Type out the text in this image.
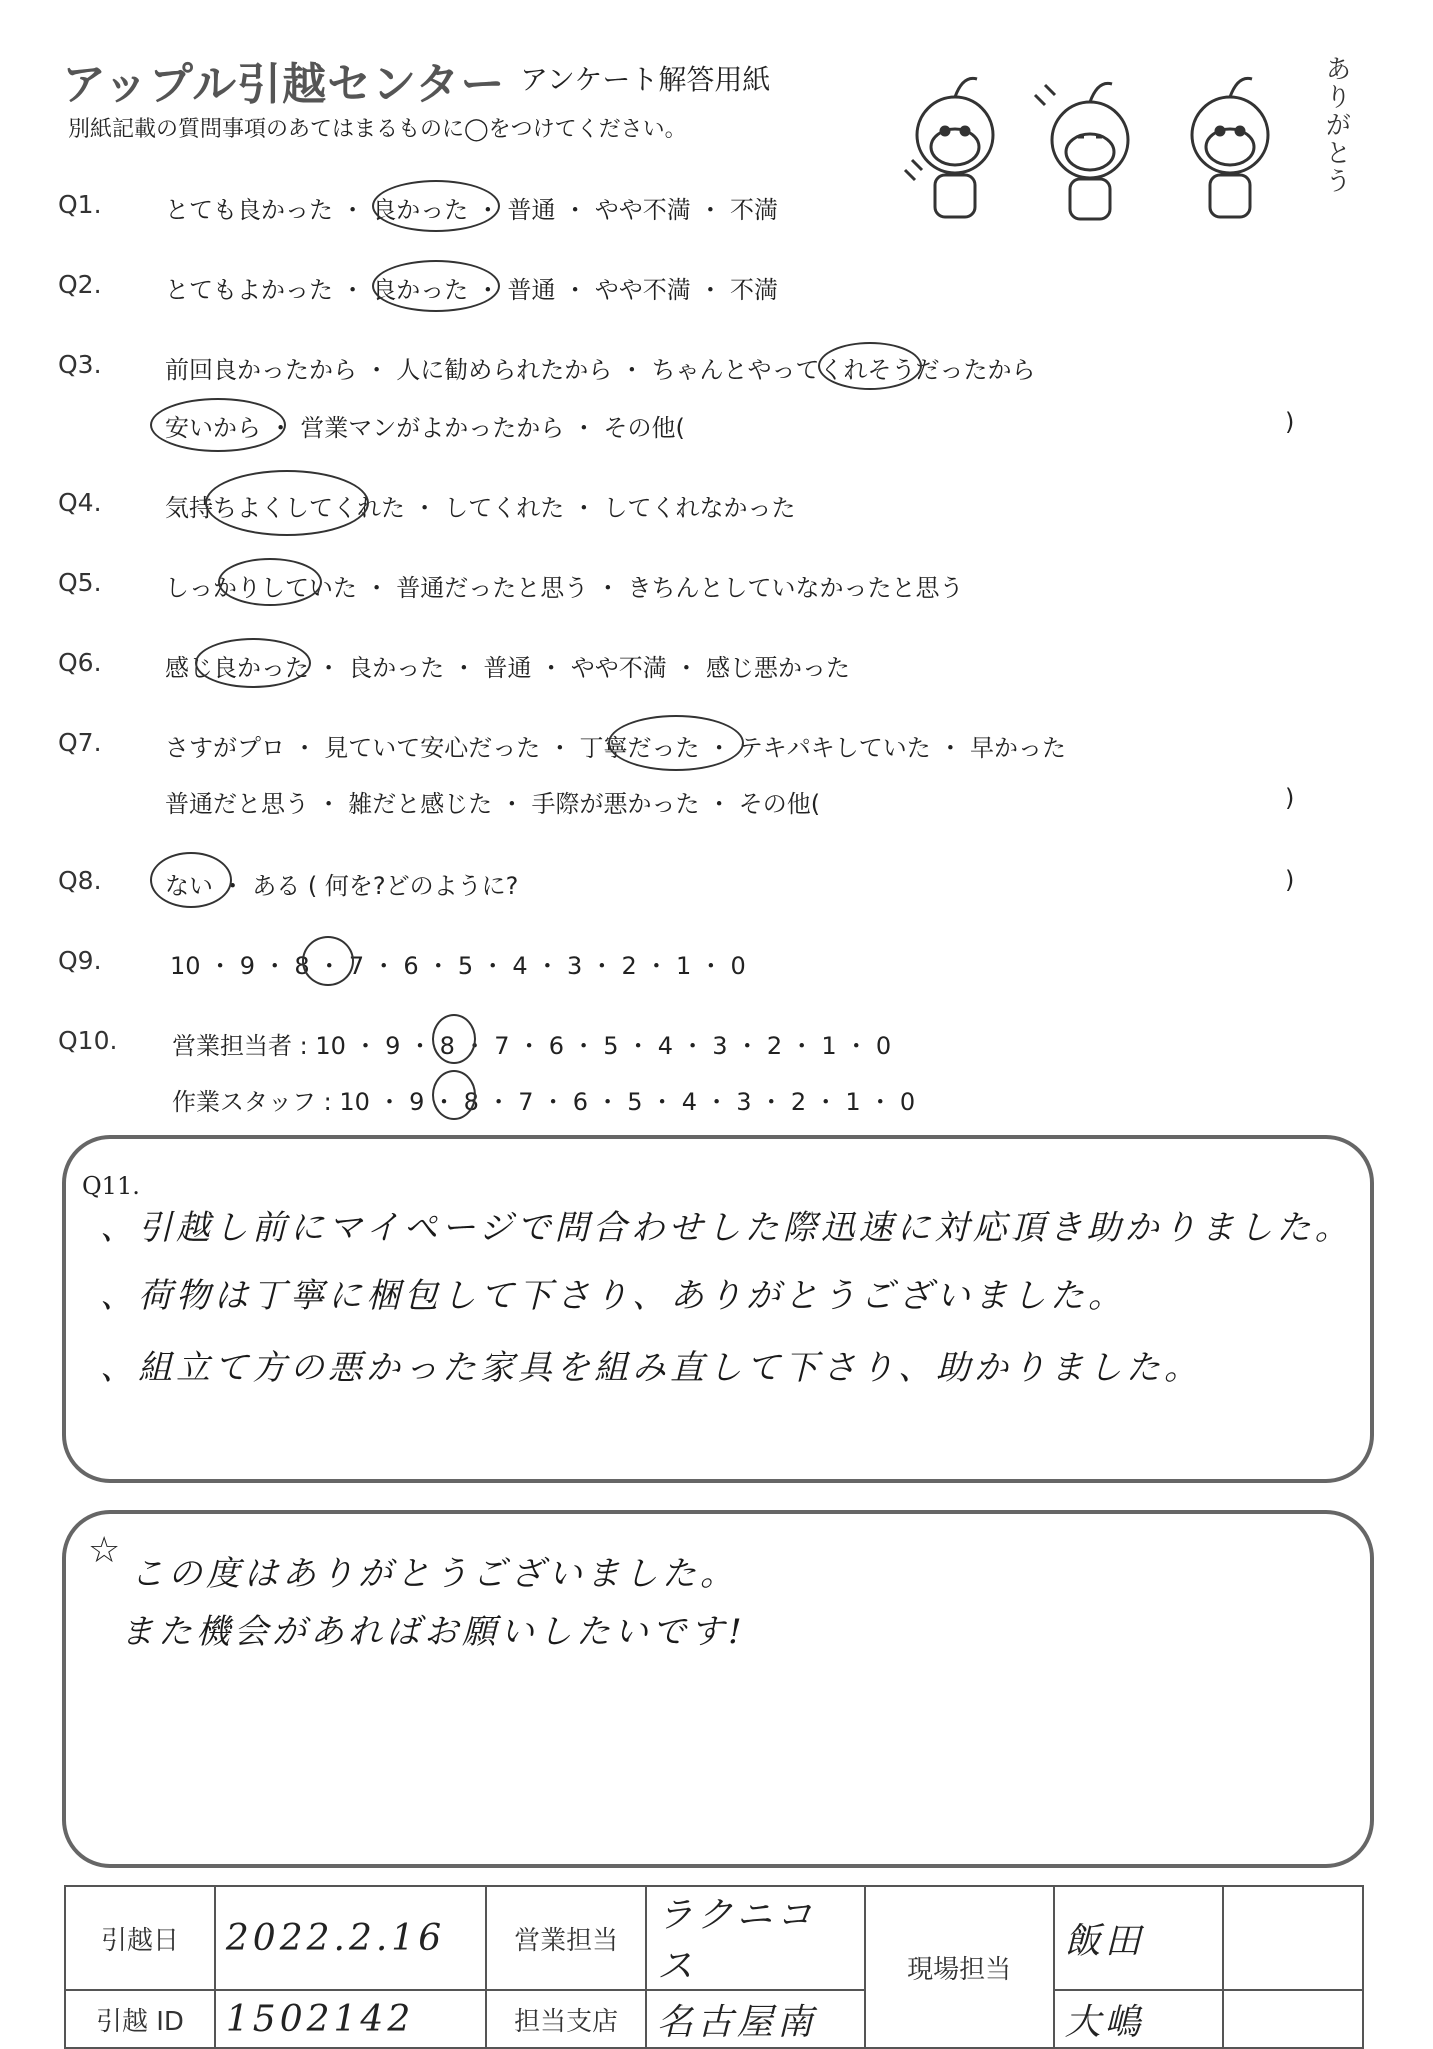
アップル引越センター アンケート解答用紙
別紙記載の質問事項のあてはまるものに◯をつけてください。	ありがとう
Q1.	とても良かった ・ 良かった ・ 普通 ・ やや不満 ・ 不満
Q2.	とてもよかった ・ 良かった ・ 普通 ・ やや不満 ・ 不満
Q3.	前回良かったから ・ 人に勧められたから ・ ちゃんとやってくれそうだったから
安いから ・ 営業マンがよかったから ・ その他(	)
Q4.	気持ちよくしてくれた ・ してくれた ・ してくれなかった
Q5.	しっかりしていた ・ 普通だったと思う ・ きちんとしていなかったと思う
Q6.	感じ良かった ・ 良かった ・ 普通 ・ やや不満 ・ 感じ悪かった
Q7.	さすがプロ ・ 見ていて安心だった ・ 丁寧だった ・ テキパキしていた ・ 早かった
普通だと思う ・ 雑だと感じた ・ 手際が悪かった ・ その他(	)
Q8.	ない ・ ある ( 何を?どのように?	)
Q9.	10 ・ 9 ・ 8 ・ 7 ・ 6 ・ 5 ・ 4 ・ 3 ・ 2 ・ 1 ・ 0
Q10. 営業担当者 : 10 ・ 9 ・ 8 ・ 7 ・ 6 ・ 5 ・ 4 ・ 3 ・ 2 ・ 1 ・ 0
作業スタッフ : 10 ・ 9 ・ 8 ・ 7 ・ 6 ・ 5 ・ 4 ・ 3 ・ 2 ・ 1 ・ 0
Q11.
、引越し前にマイページで問合わせした際迅速に対応頂き助かりました。
、荷物は丁寧に梱包して下さり、ありがとうございました。
、組立て方の悪かった家具を組み直して下さり、助かりました。
☆
この度はありがとうございました。
また機会があればお願いしたいです!
引越日	2022.2.16	営業担当	ラクニコス	現場担当	飯田	
引越 ID	1502142	担当支店	名古屋南		大嶋	
